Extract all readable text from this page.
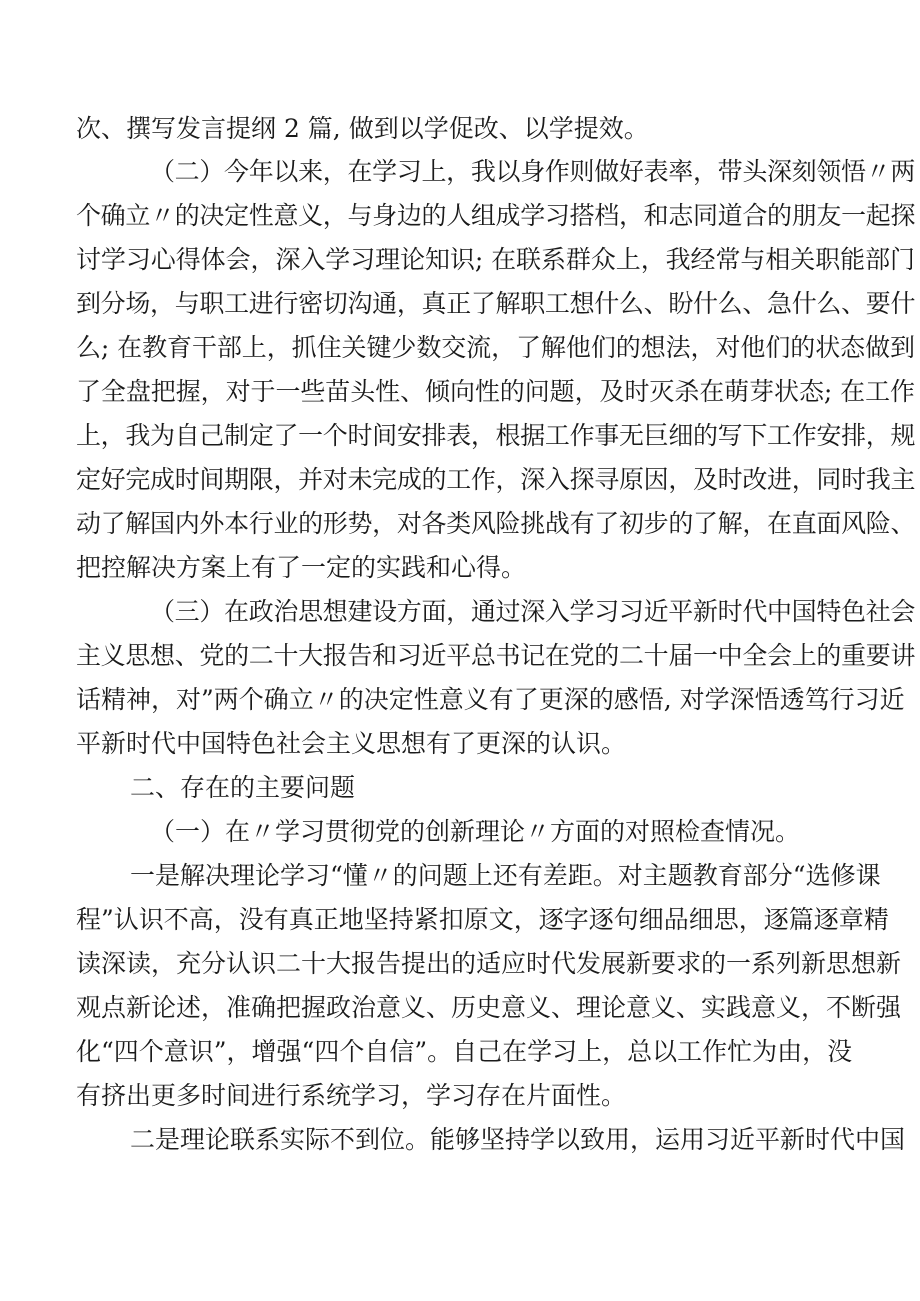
次、撰写发言提纲 2 篇, 做到以学促改、以学提效。
（二）今年以来，在学习上，我以身作则做好表率，带头深刻领悟〃两
个确立〃的决定性意义，与身边的人组成学习搭档，和志同道合的朋友一起探
讨学习心得体会，深入学习理论知识; 在联系群众上，我经常与相关职能部门
到分场，与职工进行密切沟通，真正了解职工想什么、盼什么、急什么、要什
么; 在教育干部上，抓住关键少数交流，了解他们的想法，对他们的状态做到
了全盘把握，对于一些苗头性、倾向性的问题，及时灭杀在萌芽状态; 在工作
上，我为自己制定了一个时间安排表，根据工作事无巨细的写下工作安排，规
定好完成时间期限，并对未完成的工作，深入探寻原因，及时改进，同时我主
动了解国内外本行业的形势，对各类风险挑战有了初步的了解，在直面风险、
把控解决方案上有了一定的实践和心得。
（三）在政治思想建设方面，通过深入学习习近平新时代中国特色社会
主义思想、党的二十大报告和习近平总书记在党的二十届一中全会上的重要讲
话精神，对”两个确立〃的决定性意义有了更深的感悟, 对学深悟透笃行习近
平新时代中国特色社会主义思想有了更深的认识。
二、存在的主要问题
（一）在〃学习贯彻党的创新理论〃方面的对照检查情况。
一是解决理论学习“懂〃的问题上还有差距。对主题教育部分“选修课
程”认识不高，没有真正地坚持紧扣原文，逐字逐句细品细思，逐篇逐章精
读深读，充分认识二十大报告提出的适应时代发展新要求的一系列新思想新
观点新论述，准确把握政治意义、历史意义、理论意义、实践意义，不断强
化“四个意识”，增强“四个自信”。自己在学习上，总以工作忙为由，没
有挤出更多时间进行系统学习，学习存在片面性。
二是理论联系实际不到位。能够坚持学以致用，运用习近平新时代中国
